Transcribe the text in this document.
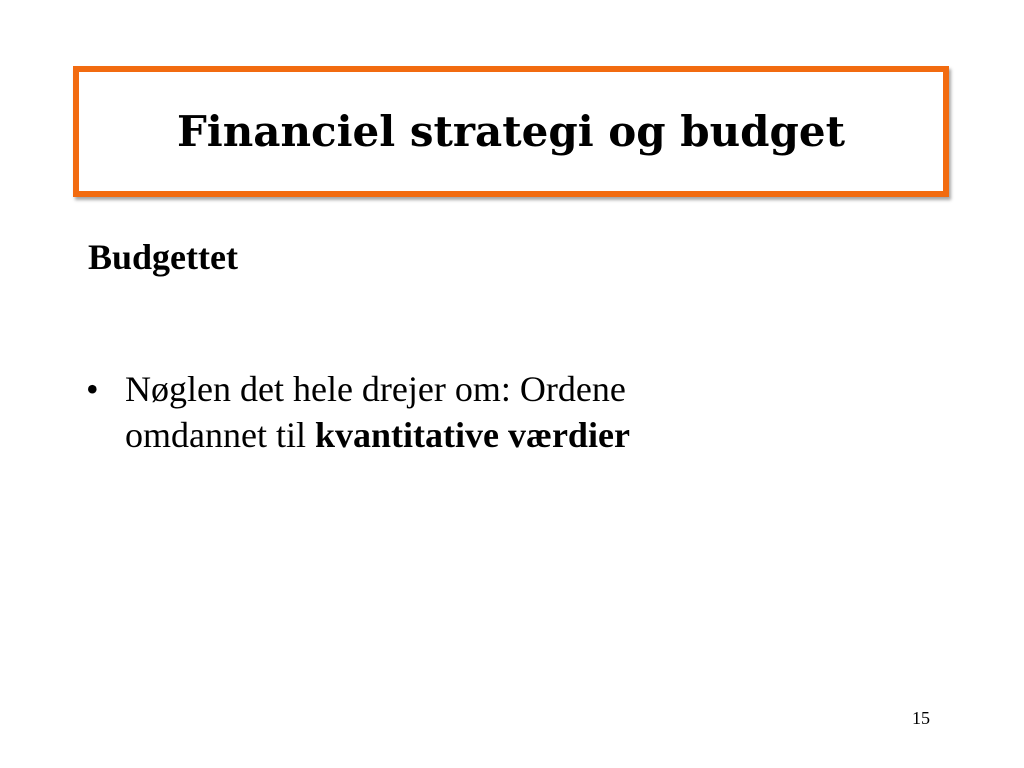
Financiel strategi og budget
Budgettet
• Nøglen det hele drejer om: Ordene
omdannet til kvantitative værdier
15
